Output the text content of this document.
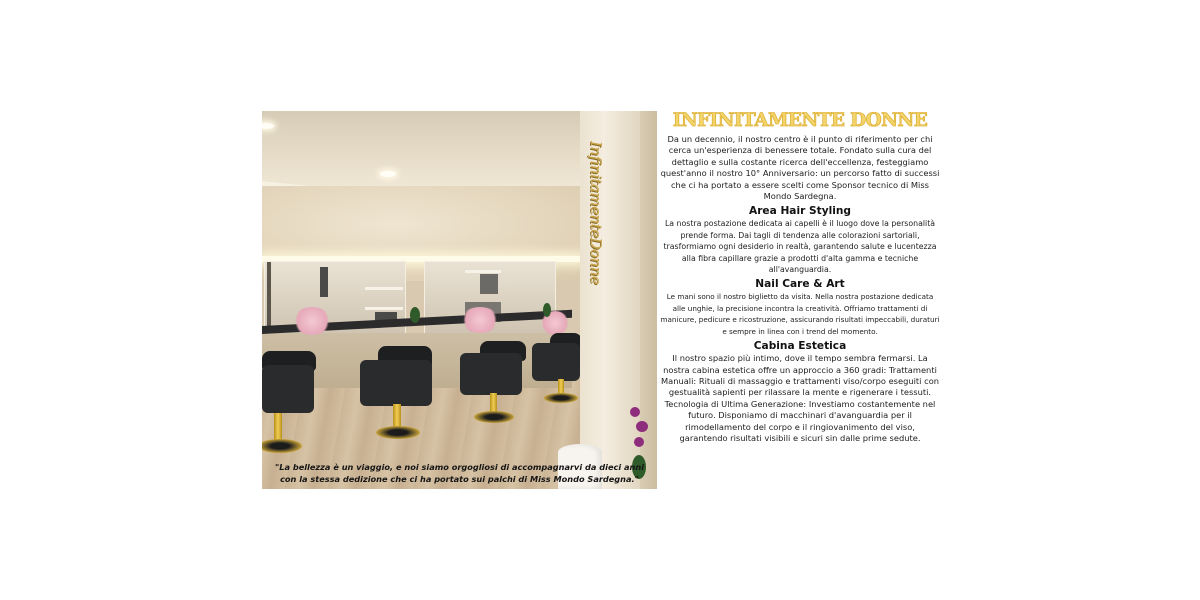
InfinitamenteDonne
"La bellezza è un viaggio, e noi siamo orgogliosi di accompagnarvi da dieci anni con la stessa dedizione che ci ha portato sui palchi di Miss Mondo Sardegna."
INFINITAMENTE DONNE

Da un decennio, il nostro centro è il punto di riferimento per chi cerca un'esperienza di benessere totale. Fondato sulla cura del dettaglio e sulla costante ricerca dell'eccellenza, festeggiamo quest'anno il nostro 10° Anniversario: un percorso fatto di successi che ci ha portato a essere scelti come Sponsor tecnico di Miss Mondo Sardegna.

Area Hair Styling

La nostra postazione dedicata ai capelli è il luogo dove la personalità prende forma. Dai tagli di tendenza alle colorazioni sartoriali, trasformiamo ogni desiderio in realtà, garantendo salute e lucentezza alla fibra capillare grazie a prodotti d'alta gamma e tecniche all'avanguardia.

Nail Care & Art

Le mani sono il nostro biglietto da visita. Nella nostra postazione dedicata alle unghie, la precisione incontra la creatività. Offriamo trattamenti di manicure, pedicure e ricostruzione, assicurando risultati impeccabili, duraturi e sempre in linea con i trend del momento.

Cabina Estetica

Il nostro spazio più intimo, dove il tempo sembra fermarsi. La nostra cabina estetica offre un approccio a 360 gradi: Trattamenti Manuali: Rituali di massaggio e trattamenti viso/corpo eseguiti con gestualità sapienti per rilassare la mente e rigenerare i tessuti.

Tecnologia di Ultima Generazione: Investiamo costantemente nel futuro. Disponiamo di macchinari d'avanguardia per il rimodellamento del corpo e il ringiovanimento del viso, garantendo risultati visibili e sicuri sin dalle prime sedute.
